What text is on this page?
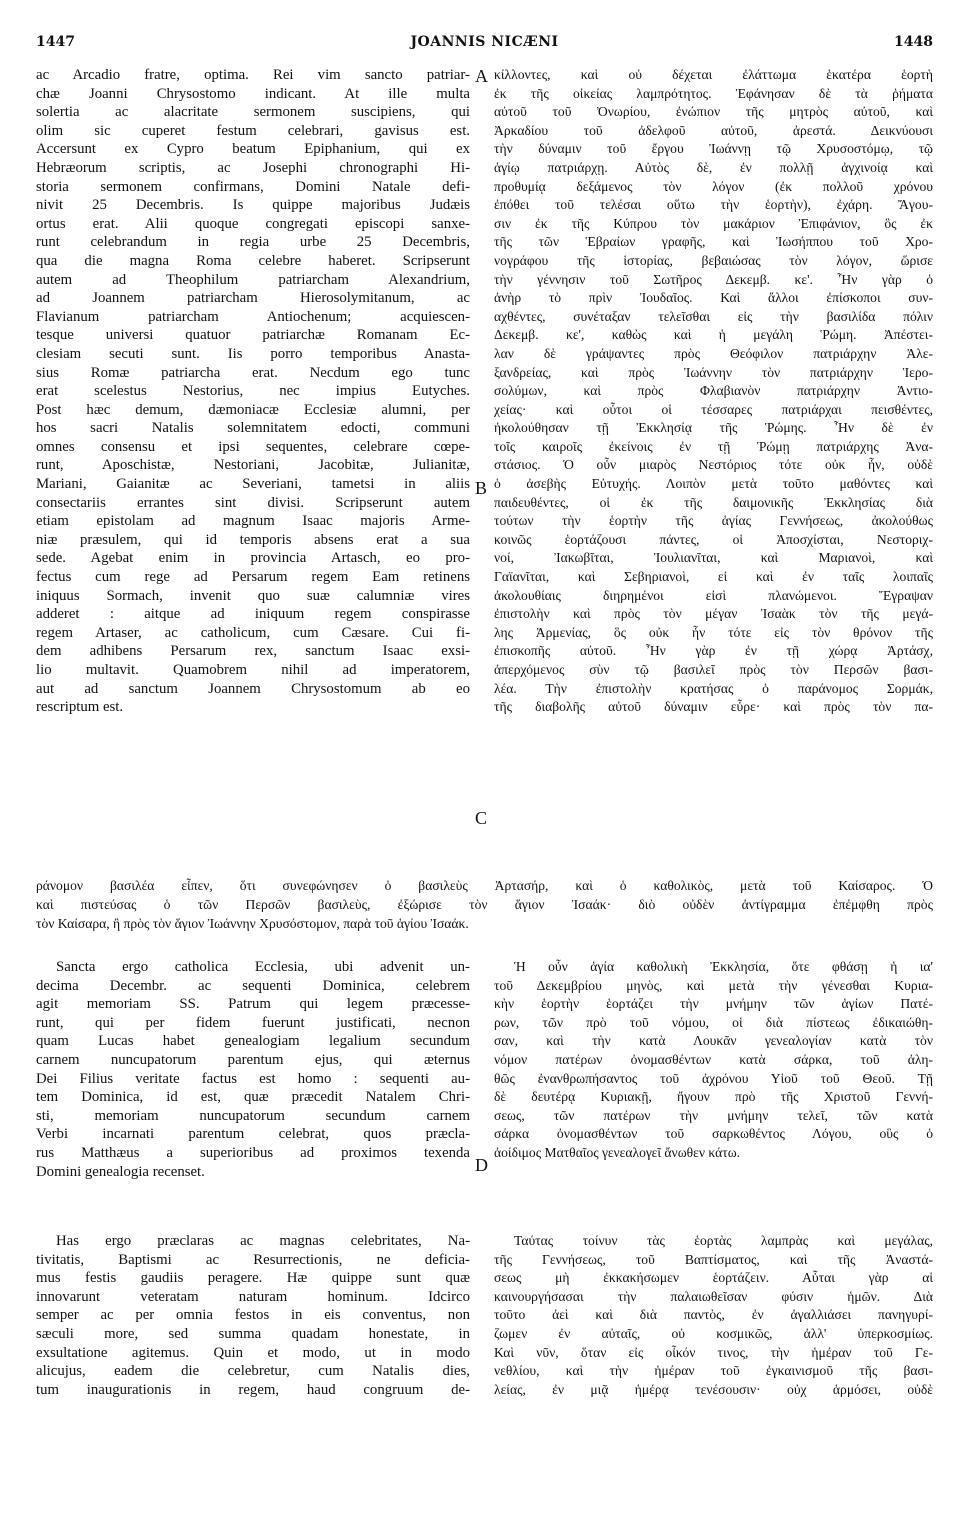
1447	JOANNIS NICÆNI	1448
A
B
C
D
ac Arcadio fratre, optima. Rei vim sancto patriar-
chæ Joanni Chrysostomo indicant. At ille multa
solertia ac alacritate sermonem suscipiens, qui
olim sic cuperet festum celebrari, gavisus est.
Accersunt ex Cypro beatum Epiphanium, qui ex
Hebræorum scriptis, ac Josephi chronographi Hi-
storia sermonem confirmans, Domini Natale defi-
nivit 25 Decembris. Is quippe majoribus Judæis
ortus erat. Alii quoque congregati episcopi sanxe-
runt celebrandum in regia urbe 25 Decembris,
qua die magna Roma celebre haberet. Scripserunt
autem ad Theophilum patriarcham Alexandrium,
ad Joannem patriarcham Hierosolymitanum, ac
Flavianum patriarcham Antiochenum; acquiescen-
tesque universi quatuor patriarchæ Romanam Ec-
clesiam secuti sunt. Iis porro temporibus Anasta-
sius Romæ patriarcha erat. Necdum ego tunc
erat scelestus Nestorius, nec impius Eutyches.
Post hæc demum, dæmoniacæ Ecclesiæ alumni, per
hos sacri Natalis solemnitatem edocti, communi
omnes consensu et ipsi sequentes, celebrare cœpe-
runt, Aposchistæ, Nestoriani, Jacobitæ, Julianitæ,
Mariani, Gaianitæ ac Severiani, tametsi in aliis
consectariis errantes sint divisi. Scripserunt autem
etiam epistolam ad magnum Isaac majoris Arme-
niæ præsulem, qui id temporis absens erat a sua
sede. Agebat enim in provincia Artasch, eo pro-
fectus cum rege ad Persarum regem Eam retinens
iniquus Sormach, invenit quo suæ calumniæ vires
adderet : aitque ad iniquum regem conspirasse
regem Artaser, ac catholicum, cum Cæsare. Cui fi-
dem adhibens Persarum rex, sanctum Isaac exsi-
lio multavit. Quamobrem nihil ad imperatorem,
aut ad sanctum Joannem Chrysostomum ab eo
rescriptum est.
κίλλοντες, καὶ οὐ δέχεται ἐλάττωμα ἑκατέρα ἑορτὴ
ἐκ τῆς οἰκείας λαμπρότητος. Ἐφάνησαν δὲ τὰ ῥήματα
αὐτοῦ τοῦ Ὀνωρίου, ἐνώπιον τῆς μητρὸς αὐτοῦ, καὶ
Ἀρκαδίου τοῦ ἀδελφοῦ αὐτοῦ, ἀρεστά. Δεικνύουσι
τὴν δύναμιν τοῦ ἔργου Ἰωάννῃ τῷ Χρυσοστόμῳ, τῷ
ἁγίῳ πατριάρχῃ. Αὐτὸς δὲ, ἐν πολλῇ ἀγχινοίᾳ καὶ
προθυμίᾳ δεξάμενος τὸν λόγον (ἐκ πολλοῦ χρόνου
ἐπόθει τοῦ τελέσαι οὕτω τὴν ἑορτὴν), ἐχάρη. Ἄγου-
σιν ἐκ τῆς Κύπρου τὸν μακάριον Ἐπιφάνιον, ὃς ἐκ
τῆς τῶν Ἑβραίων γραφῆς, καὶ Ἰωσήππου τοῦ Χρο-
νογράφου τῆς ἱστορίας, βεβαιώσας τὸν λόγον, ὥρισε
τὴν γέννησιν τοῦ Σωτῆρος Δεκεμβ. κε'. Ἦν γὰρ ὁ
ἀνὴρ τὸ πρὶν Ἰουδαῖος. Καὶ ἄλλοι ἐπίσκοποι συν-
αχθέντες, συνέταξαν τελεῖσθαι εἰς τὴν βασιλίδα πόλιν
Δεκεμβ. κε', καθὼς καὶ ἡ μεγάλη Ῥώμη. Ἀπέστει-
λαν δὲ γράψαντες πρὸς Θεόφιλον πατριάρχην Ἀλε-
ξανδρείας, καὶ πρὸς Ἰωάννην τὸν πατριάρχην Ἱερο-
σολύμων, καὶ πρὸς Φλαβιανὸν πατριάρχην Ἀντιο-
χείας· καὶ οὗτοι οἱ τέσσαρες πατριάρχαι πεισθέντες,
ἠκολούθησαν τῇ Ἐκκλησίᾳ τῆς Ῥώμης. Ἦν δὲ ἐν
τοῖς καιροῖς ἐκείνοις ἐν τῇ Ῥώμῃ πατριάρχης Ἀνα-
στάσιος. Ὁ οὖν μιαρὸς Νεστόριος τότε οὐκ ἦν, οὐδὲ
ὁ ἀσεβὴς Εὐτυχής. Λοιπὸν μετὰ τοῦτο μαθόντες καὶ
παιδευθέντες, οἱ ἐκ τῆς δαιμονικῆς Ἐκκλησίας διὰ
τούτων τὴν ἑορτὴν τῆς ἁγίας Γεννήσεως, ἀκολούθως
κοινῶς ἑορτάζουσι πάντες, οἱ Ἀποσχίσται, Νεστοριχ-
νοί, Ἰακωβῖται, Ἰουλιανῖται, καὶ Μαριανοὶ, καὶ
Γαϊανῖται, καὶ Σεβηριανοὶ, εἰ καὶ ἐν ταῖς λοιπαῖς
ἀκολουθίαις διηρημένοι εἰσὶ πλανώμενοι. Ἔγραψαν
ἐπιστολὴν καὶ πρὸς τὸν μέγαν Ἰσαὰκ τὸν τῆς μεγά-
λης Ἀρμενίας, ὃς οὐκ ἦν τότε εἰς τὸν θρόνον τῆς
ἐπισκοπῆς αὐτοῦ. Ἦν γὰρ ἐν τῇ χώρᾳ Ἀρτάσχ,
ἀπερχόμενος σὺν τῷ βασιλεῖ πρὸς τὸν Περσῶν βασι-
λέα. Τὴν ἐπιστολὴν κρατήσας ὁ παράνομος Σορμάκ,
τῆς διαβολῆς αὐτοῦ δύναμιν εὗρε· καὶ πρὸς τὸν πα-
ράνομον βασιλέα εἶπεν, ὅτι συνεφώνησεν ὁ βασιλεὺς Ἀρτασήρ, καὶ ὁ καθολικὸς, μετὰ τοῦ Καίσαρος. Ὁ
καὶ πιστεύσας ὁ τῶν Περσῶν βασιλεὺς, ἐξώρισε τὸν ἅγιον Ἰσαάκ· διὸ οὐδὲν ἀντίγραμμα ἐπέμφθη πρὸς
τὸν Καίσαρα, ἢ πρὸς τὸν ἅγιον Ἰωάννην Χρυσόστομον, παρὰ τοῦ ἁγίου Ἰσαάκ.
Sancta ergo catholica Ecclesia, ubi advenit un-
decima Decembr. ac sequenti Dominica, celebrem
agit memoriam SS. Patrum qui legem præcesse-
runt, qui per fidem fuerunt justificati, necnon
quam Lucas habet genealogiam legalium secundum
carnem nuncupatorum parentum ejus, qui æternus
Dei Filius veritate factus est homo : sequenti au-
tem Dominica, id est, quæ præcedit Natalem Chri-
sti, memoriam nuncupatorum secundum carnem
Verbi incarnati parentum celebrat, quos præcla-
rus Matthæus a superioribus ad proximos texenda
Domini genealogia recenset.
Ἡ οὖν ἁγία καθολικὴ Ἐκκλησία, ὅτε φθάσῃ ἡ ια'
τοῦ Δεκεμβρίου μηνὸς, καὶ μετὰ τὴν γένεσθαι Κυρια-
κὴν ἑορτὴν ἑορτάζει τὴν μνήμην τῶν ἁγίων Πατέ-
ρων, τῶν πρὸ τοῦ νόμου, οἱ διὰ πίστεως ἐδικαιώθη-
σαν, καὶ τὴν κατὰ Λουκᾶν γενεαλογίαν κατὰ τὸν
νόμον πατέρων ὀνομασθέντων κατὰ σάρκα, τοῦ ἀλη-
θῶς ἐνανθρωπήσαντος τοῦ ἀχρόνου Υἱοῦ τοῦ Θεοῦ. Τῇ
δὲ δευτέρᾳ Κυριακῇ, ἤγουν πρὸ τῆς Χριστοῦ Γεννή-
σεως, τῶν πατέρων τὴν μνήμην τελεῖ, τῶν κατὰ
σάρκα ὀνομασθέντων τοῦ σαρκωθέντος Λόγου, οὓς ὁ
ἀοίδιμος Ματθαῖος γενεαλογεῖ ἄνωθεν κάτω.
Has ergo præclaras ac magnas celebritates, Na-
tivitatis, Baptismi ac Resurrectionis, ne deficia-
mus festis gaudiis peragere. Hæ quippe sunt quæ
innovarunt veteratam naturam hominum. Idcirco
semper ac per omnia festos in eis conventus, non
sæculi more, sed summa quadam honestate, in
exsultatione agitemus. Quin et modo, ut in modo
alicujus, eadem die celebretur, cum Natalis dies,
tum inaugurationis in regem, haud congruum de-
Ταύτας τοίνυν τὰς ἑορτὰς λαμπρὰς καὶ μεγάλας,
τῆς Γεννήσεως, τοῦ Βαπτίσματος, καὶ τῆς Ἀναστά-
σεως μὴ ἐκκακήσωμεν ἑορτάζειν. Αὗται γὰρ αἱ
καινουργήσασαι τὴν παλαιωθεῖσαν φύσιν ἡμῶν. Διὰ
τοῦτο ἀεὶ καὶ διὰ παντὸς, ἐν ἀγαλλιάσει πανηγυρί-
ζωμεν ἐν αὐταῖς, οὐ κοσμικῶς, ἀλλ' ὑπερκοσμίως.
Καὶ νῦν, ὅταν εἰς οἶκόν τινος, τὴν ἡμέραν τοῦ Γε-
νεθλίου, καὶ τὴν ἡμέραν τοῦ ἐγκαινισμοῦ τῆς βασι-
λείας, ἐν μιᾷ ἡμέρᾳ τενέσουσιν· οὐχ ἁρμόσει, οὐδὲ
